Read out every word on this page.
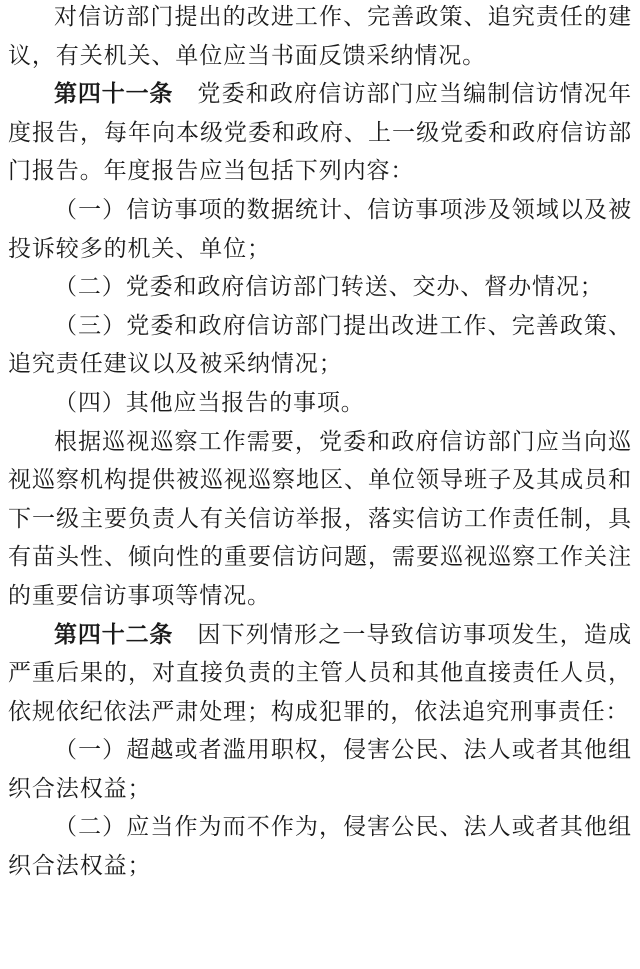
对信访部门提出的改进工作、完善政策、追究责任的建议，有关机关、单位应当书面反馈采纳情况。

第四十一条　党委和政府信访部门应当编制信访情况年度报告，每年向本级党委和政府、上一级党委和政府信访部门报告。年度报告应当包括下列内容：

（一）信访事项的数据统计、信访事项涉及领域以及被投诉较多的机关、单位；

（二）党委和政府信访部门转送、交办、督办情况；

（三）党委和政府信访部门提出改进工作、完善政策、追究责任建议以及被采纳情况；

（四）其他应当报告的事项。

根据巡视巡察工作需要，党委和政府信访部门应当向巡视巡察机构提供被巡视巡察地区、单位领导班子及其成员和下一级主要负责人有关信访举报，落实信访工作责任制，具有苗头性、倾向性的重要信访问题，需要巡视巡察工作关注的重要信访事项等情况。

第四十二条　因下列情形之一导致信访事项发生，造成严重后果的，对直接负责的主管人员和其他直接责任人员，依规依纪依法严肃处理；构成犯罪的，依法追究刑事责任：

（一）超越或者滥用职权，侵害公民、法人或者其他组织合法权益；

（二）应当作为而不作为，侵害公民、法人或者其他组织合法权益；
